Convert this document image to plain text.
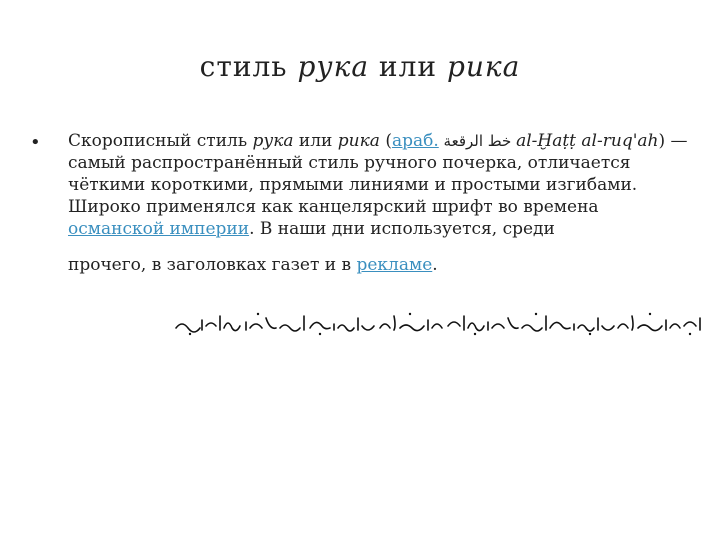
стиль рука или рика
• Скорописный стиль рука или рика (араб. خط الرقعة al-Ḫaṭṭ al-ruq'ah) — самый распространённый стиль ручного почерка, отличается чёткими короткими, прямыми линиями и простыми изгибами. Широко применялся как канцелярский шрифт во времена османской империи. В наши дни используется, среди
прочего, в заголовках газет и в рекламе.
